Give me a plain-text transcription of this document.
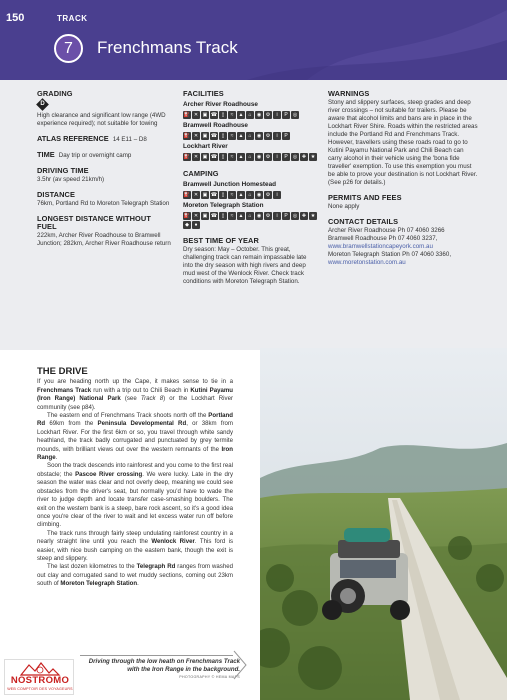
150	TRACK
7	Frenchmans Track
GRADING
D
High clearance and significant low range (4WD experience required); not suitable for towing
ATLAS REFERENCE 14 E11 – D8
TIME Day trip or overnight camp
DRIVING TIME
3.5hr (av speed 21km/h)
DISTANCE
76km, Portland Rd to Moreton Telegraph Station
LONGEST DISTANCE WITHOUT FUEL
222km, Archer River Roadhouse to Bramwell Junction; 282km, Archer River Roadhouse return
FACILITIES
Archer River Roadhouse
⛽ ✕ ▣ ☎ ▯	≈	▲	⌂	◉ ⚙	i	P	◎
Bramwell Roadhouse
⛽ ✕ ▣ ☎ ▯	≈	▲	⌂	◉ ⚙	i	P
Lockhart River
⛽ ✕ ▣ ☎ ▯	≈	▲	⌂	◉ ⚙	i	P	◎ ✚ ★
CAMPING
Bramwell Junction Homestead
⛽ ✕ ▣ ☎ ▯	≈	▲	⌂	◉ ⚙	i
Moreton Telegraph Station
⛽ ✕ ▣ ☎ ▯	≈	▲	⌂	◉ ⚙	i	P	◎ ✚ ★
◆	●
BEST TIME OF YEAR
Dry season: May – October. This great, challenging track can remain impassable late into the dry season with high rivers and deep mud west of the Wenlock River. Check track conditions with Moreton Telegraph Station.
WARNINGS
Stony and slippery surfaces, steep grades and deep river crossings – not suitable for trailers. Please be aware that alcohol limits and bans are in place in the Lockhart River Shire. Roads within the restricted areas include the Portland Rd and Frenchmans Track. However, travellers using these roads road to go to Kutini Payamu National Park and Chili Beach can carry alcohol in their vehicle using the 'bona fide traveller' exemption. To use this exemption you must be able to prove your destination is not Lockhart River. (See p26 for details.)
PERMITS AND FEES
None apply
CONTACT DETAILS
Archer River Roadhouse Ph 07 4060 3266
Bramwell Roadhouse Ph 07 4060 3237,
www.bramwellstationcapeyork.com.au
Moreton Telegraph Station Ph 07 4060 3360,
www.moretonstation.com.au
THE DRIVE

If you are heading north up the Cape, it makes sense to tie in a Frenchmans Track run with a trip out to Chili Beach in Kutini Payamu (Iron Range) National Park (see Track 8) or the Lockhart River community (see p84).

The eastern end of Frenchmans Track shoots north off the Portland Rd 69km from the Peninsula Developmental Rd, or 38km from Lockhart River. For the first 6km or so, you travel through white sandy heathland, the track badly corrugated and punctuated by grey termite mounds, with brilliant views out over the western remnants of the Iron Range.

Soon the track descends into rainforest and you come to the first real obstacle; the Pascoe River crossing. We were lucky. Late in the dry season the water was clear and not overly deep, meaning we could see obstacles from the driver's seat, but normally you'd have to wade the river to judge depth and locate transfer case-smashing boulders. The exit on the western bank is a steep, bare rock ascent, so it's a good idea once you're clear of the river to wait and let excess water run off before climbing.

The track runs through fairly steep undulating rainforest country in a nearly straight line until you reach the Wenlock River. This ford is easier, with nice bush camping on the eastern bank, though the exit is steep and slippery.

The last dozen kilometres to the Telegraph Rd ranges from washed out clay and corrugated sand to wet muddy sections, coming out 23km south of Moreton Telegraph Station.

Driving through the low heath on Frenchmans Track with the Iron Range in the background.
PHOTOGRAPHY © HEMA MAPS
NOSTROMO
WEB COMPTOIR DES VOYAGEURS
